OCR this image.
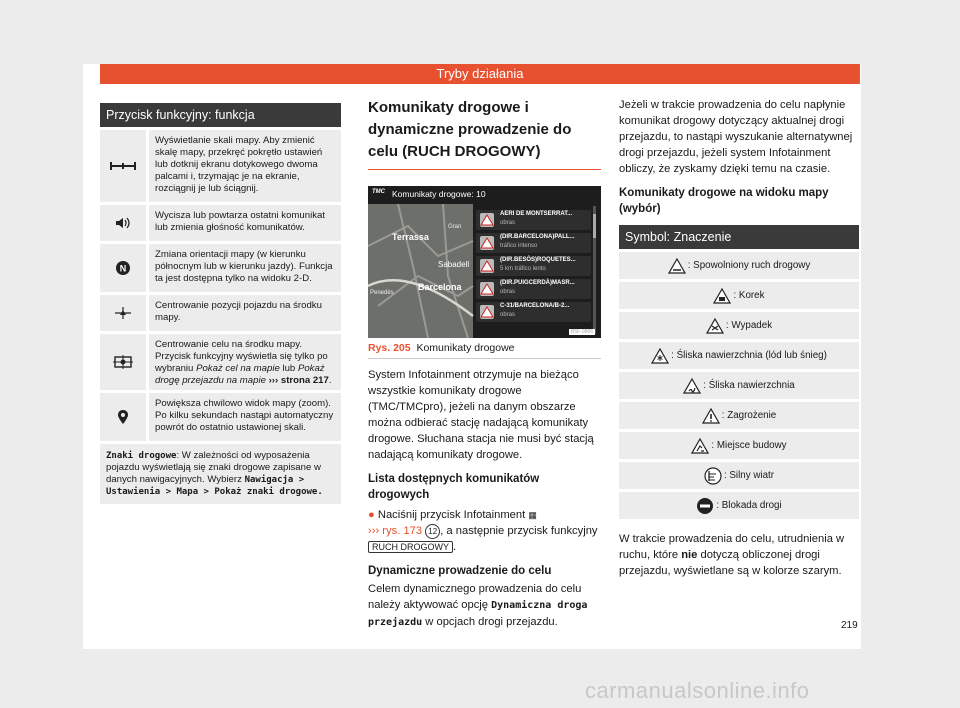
Tryby działania
Przycisk funkcyjny: funkcja
Wyświetlanie skali mapy. Aby zmienić skalę mapy, przekręć pokrętło ustawień lub dotknij ekranu dotykowego dwoma palcami i, trzymając je na ekranie, rozciągnij je lub ściągnij.
Wycisza lub powtarza ostatni komunikat lub zmienia głośność komunikatów.
N
Zmiana orientacji mapy (w kierunku północnym lub w kierunku jazdy). Funkcja ta jest dostępna tylko na widoku 2-D.
Centrowanie pozycji pojazdu na środku mapy.
Centrowanie celu na środku mapy. Przycisk funkcyjny wyświetla się tylko po wybraniu Pokaż cel na mapie lub Pokaż drogę przejazdu na mapie ››› strona 217.
Powiększa chwilowo widok mapy (zoom). Po kilku sekundach nastąpi automatyczny powrót do ostatnio ustawionej skali.
Znaki drogowe: W zależności od wyposażenia pojazdu wyświetlają się znaki drogowe zapisane w danych nawigacyjnych. Wybierz Nawigacja > Ustawienia > Mapa > Pokaż znaki drogowe.
Komunikaty drogowe i dynamiczne prowadzenie do celu (RUCH DROGOWY)
TMC Komunikaty drogowe: 10
Terrassa
Gran
Sabadell
Barcelona
Penedès
AERI DE MONTSERRAT...
obras
(DIR.BARCELONA)PALL...
tráfico intenso
(DIR.BESÒS)ROQUETES...
5 km tráfico lento
(DIR.PUIGCERDÀ)MASR...
obras
C-31/BARCELONA/B-2...
obras
B5F-0886
Rys. 205 Komunikaty drogowe
System Infotainment otrzymuje na bieżąco wszystkie komunikaty drogowe (TMC/TMCpro), jeżeli na danym obszarze można odbierać stację nadającą komunikaty drogowe. Słuchana stacja nie musi być stacją nadającą komunikaty drogowe.
Lista dostępnych komunikatów drogowych
● Naciśnij przycisk Infotainment ▦
››› rys. 173 12 , a następnie przycisk funkcyjny RUCH DROGOWY .
Dynamiczne prowadzenie do celu
Celem dynamicznego prowadzenia do celu należy aktywować opcję Dynamiczna droga przejazdu w opcjach drogi przejazdu.
Jeżeli w trakcie prowadzenia do celu napłynie komunikat drogowy dotyczący aktualnej drogi przejazdu, to nastąpi wyszukanie alternatywnej drogi przejazdu, jeżeli system Infotainment obliczy, że zyskamy dzięki temu na czasie.
Komunikaty drogowe na widoku mapy (wybór)
Symbol: Znaczenie
: Spowolniony ruch drogowy
: Korek
: Wypadek
: Śliska nawierzchnia (lód lub śnieg)
: Śliska nawierzchnia
: Zagrożenie
: Miejsce budowy
: Silny wiatr
: Blokada drogi
W trakcie prowadzenia do celu, utrudnienia w ruchu, które nie dotyczą obliczonej drogi przejazdu, wyświetlane są w kolorze szarym.
219
carmanualsonline.info
